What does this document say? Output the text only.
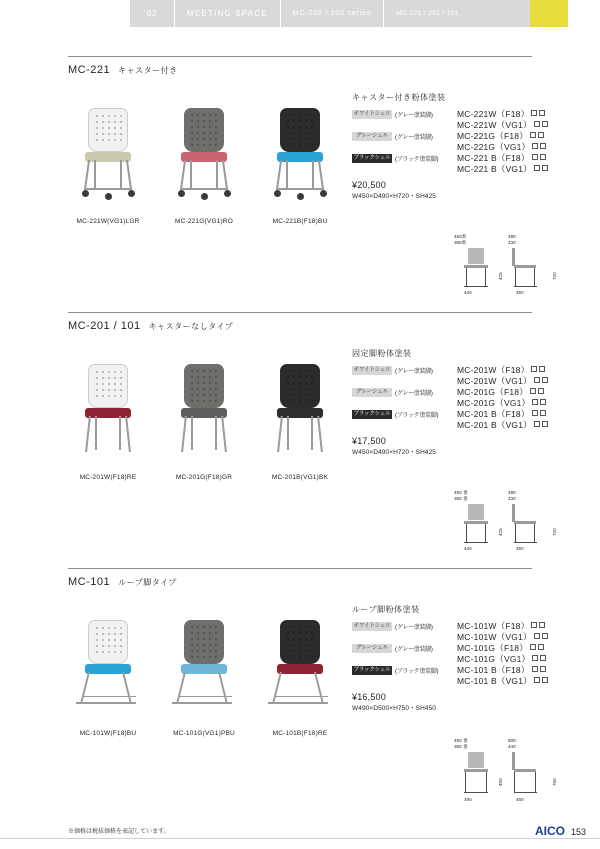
02	MEETING SPACE	MC-200 / 100 series	MC-221 / 201 / 101
MC-221 キャスター付き
MC-221W(VG1)LGR	MC-221G(VG1)RO	MC-221B(F18)BU
キャスター付き粉体塗装
ホワイトシェル (グレー塗装脚)	MC-221W（F18）
MC-221W（VG1）
グレーシェル	(グレー塗装脚)	MC-221G（F18）
MC-221G（VG1）
ブラックシェル (ブラック塗装脚)	MC-221 B（F18）
MC-221 B（VG1）
¥20,500
W450×D490×H720・SH425
450番
388番
490
430
425	720
440	450
MC-201 / 101 キャスターなしタイプ
MC-201W(F18)RE	MC-201G(F18)GR	MC-201B(VG1)BK
固定脚粉体塗装
ホワイトシェル (グレー塗装脚)	MC-201W（F18）
MC-201W（VG1）
グレーシェル	(グレー塗装脚)	MC-201G（F18）
MC-201G（VG1）
ブラックシェル (ブラック塗装脚)	MC-201 B（F18）
MC-201 B（VG1）
¥17,500
W450×D490×H720・SH425
450 番
380 番
490
430
425	720
440	450
MC-101 ループ脚タイプ
MC-101W(F18)BU	MC-101G(VG1)PBU	MC-101B(F18)RE
ループ脚粉体塗装
ホワイトシェル (グレー塗装脚)	MC-101W（F18）
MC-101W（VG1）
グレーシェル	(グレー塗装脚)	MC-101G（F18）
MC-101G（VG1）
ブラックシェル (ブラック塗装脚)	MC-101 B（F18）
MC-101 B（VG1）
¥16,500
W490×D500×H750・SH450
450 番
380 番
500
440
450	750
490	460
※価格は税抜価格を表記しています。	AICO 153
